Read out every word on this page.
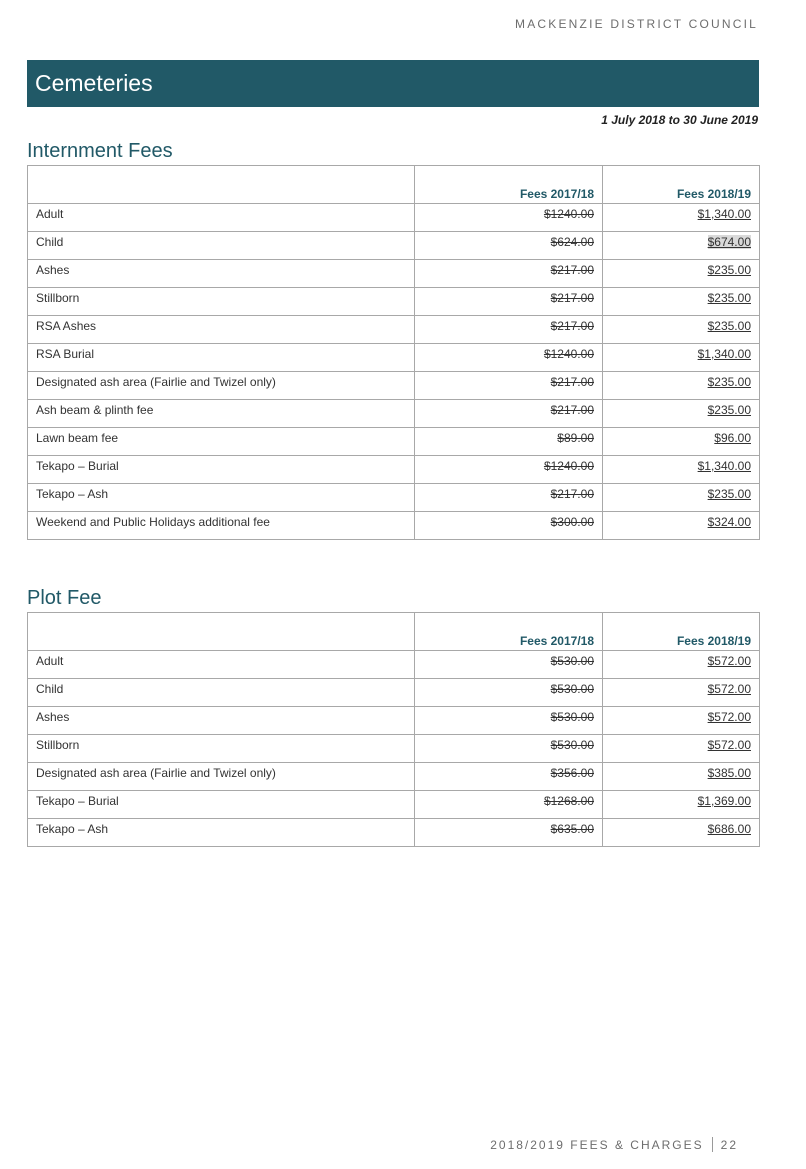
MACKENZIE DISTRICT COUNCIL
Cemeteries
1 July 2018 to 30 June 2019
Internment Fees
	Fees 2017/18	Fees 2018/19
Adult	$1240.00	$1,340.00
Child	$624.00	$674.00
Ashes	$217.00	$235.00
Stillborn	$217.00	$235.00
RSA Ashes	$217.00	$235.00
RSA Burial	$1240.00	$1,340.00
Designated ash area (Fairlie and Twizel only)	$217.00	$235.00
Ash beam & plinth fee	$217.00	$235.00
Lawn beam fee	$89.00	$96.00
Tekapo – Burial	$1240.00	$1,340.00
Tekapo – Ash	$217.00	$235.00
Weekend and Public Holidays additional fee	$300.00	$324.00
Plot Fee
	Fees 2017/18	Fees 2018/19
Adult	$530.00	$572.00
Child	$530.00	$572.00
Ashes	$530.00	$572.00
Stillborn	$530.00	$572.00
Designated ash area (Fairlie and Twizel only)	$356.00	$385.00
Tekapo – Burial	$1268.00	$1,369.00
Tekapo – Ash	$635.00	$686.00
2018/2019 FEES & CHARGES 22
